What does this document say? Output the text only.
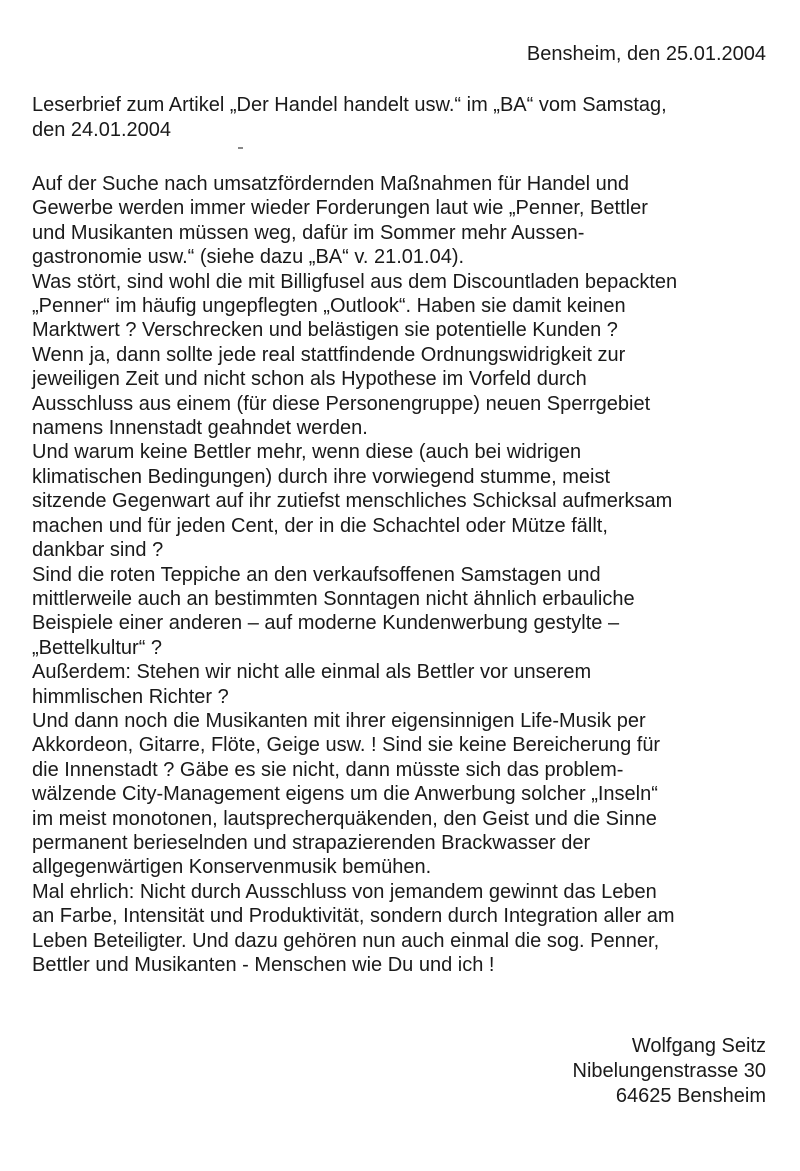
Bensheim, den 25.01.2004
Leserbrief zum Artikel „Der Handel handelt usw.“ im „BA“ vom Samstag,
den 24.01.2004
Auf der Suche nach umsatzfördernden Maßnahmen für Handel und
Gewerbe werden immer wieder Forderungen laut wie „Penner, Bettler
und Musikanten müssen weg, dafür im Sommer mehr Aussen-
gastronomie usw.“ (siehe dazu „BA“ v. 21.01.04).
Was stört, sind wohl die mit Billigfusel aus dem Discountladen bepackten
„Penner“ im häufig ungepflegten „Outlook“. Haben sie damit keinen
Marktwert ? Verschrecken und belästigen sie potentielle Kunden ?
Wenn ja, dann sollte jede real stattfindende Ordnungswidrigkeit zur
jeweiligen Zeit und nicht schon als Hypothese im Vorfeld durch
Ausschluss aus einem (für diese Personengruppe) neuen Sperrgebiet
namens Innenstadt geahndet werden.
Und warum keine Bettler mehr, wenn diese (auch bei widrigen
klimatischen Bedingungen) durch ihre vorwiegend stumme, meist
sitzende Gegenwart auf ihr zutiefst menschliches Schicksal aufmerksam
machen und für jeden Cent, der in die Schachtel oder Mütze fällt,
dankbar sind ?
Sind die roten Teppiche an den verkaufsoffenen Samstagen und
mittlerweile auch an bestimmten Sonntagen nicht ähnlich erbauliche
Beispiele einer anderen – auf moderne Kundenwerbung gestylte –
„Bettelkultur“ ?
Außerdem: Stehen wir nicht alle einmal als Bettler vor unserem
himmlischen Richter ?
Und dann noch die Musikanten mit ihrer eigensinnigen Life-Musik per
Akkordeon, Gitarre, Flöte, Geige usw. ! Sind sie keine Bereicherung für
die Innenstadt ? Gäbe es sie nicht, dann müsste sich das problem-
wälzende City-Management eigens um die Anwerbung solcher „Inseln“
im meist monotonen, lautsprecherquäkenden, den Geist und die Sinne
permanent berieselnden und strapazierenden Brackwasser der
allgegenwärtigen Konservenmusik bemühen.
Mal ehrlich: Nicht durch Ausschluss von jemandem gewinnt das Leben
an Farbe, Intensität und Produktivität, sondern durch Integration aller am
Leben Beteiligter. Und dazu gehören nun auch einmal die sog. Penner,
Bettler und Musikanten - Menschen wie Du und ich !
Wolfgang Seitz
Nibelungenstrasse 30
64625 Bensheim
